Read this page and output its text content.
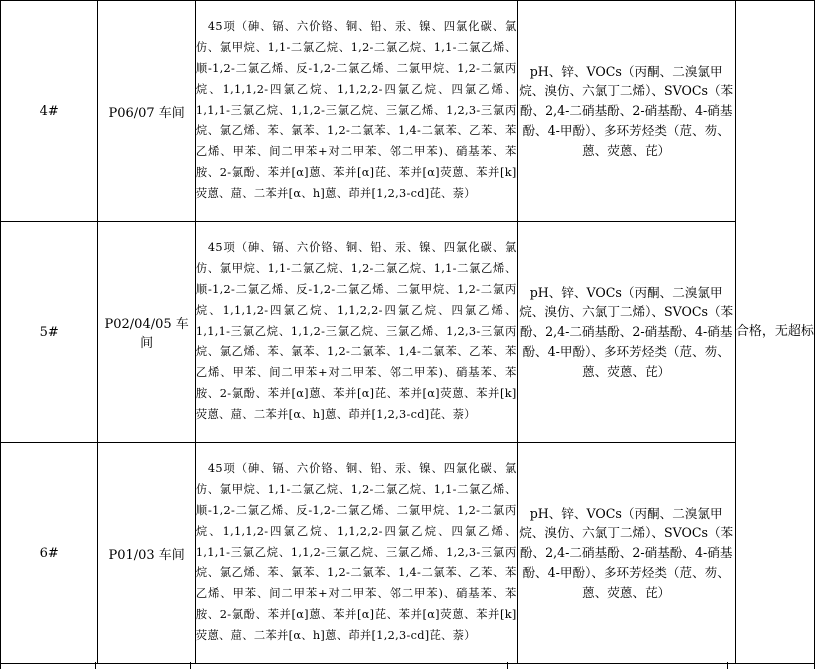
4#	P06/07 车间	45项（砷、镉、六价铬、铜、铅、汞、镍、四氯化碳、氯仿、氯甲烷、1,1-二氯乙烷、1,2-二氯乙烷、1,1-二氯乙烯、顺-1,2-二氯乙烯、反-1,2-二氯乙烯、二氯甲烷、1,2-二氯丙烷、1,1,1,2-四氯乙烷、1,1,2,2-四氯乙烷、四氯乙烯、1,1,1-三氯乙烷、1,1,2-三氯乙烷、三氯乙烯、1,2,3-三氯丙烷、氯乙烯、苯、氯苯、1,2-二氯苯、1,4-二氯苯、乙苯、苯乙烯、甲苯、间二甲苯+对二甲苯、邻二甲苯)、硝基苯、苯胺、2-氯酚、苯并[α]蒽、苯并[α]芘、苯并[α]荧蒽、苯并[k]荧蒽、䓛、二苯并[α、h]蒽、茚并[1,2,3-cd]芘、萘）	pH、锌、VOCs（丙酮、二溴氯甲烷、溴仿、六氯丁二烯）、SVOCs（苯酚、2,4-二硝基酚、2-硝基酚、4-硝基酚、4-甲酚）、多环芳烃类（苊、芴、蒽、荧蒽、芘）	合格，无超标
5#	P02/04/05 车间	45项（砷、镉、六价铬、铜、铅、汞、镍、四氯化碳、氯仿、氯甲烷、1,1-二氯乙烷、1,2-二氯乙烷、1,1-二氯乙烯、顺-1,2-二氯乙烯、反-1,2-二氯乙烯、二氯甲烷、1,2-二氯丙烷、1,1,1,2-四氯乙烷、1,1,2,2-四氯乙烷、四氯乙烯、1,1,1-三氯乙烷、1,1,2-三氯乙烷、三氯乙烯、1,2,3-三氯丙烷、氯乙烯、苯、氯苯、1,2-二氯苯、1,4-二氯苯、乙苯、苯乙烯、甲苯、间二甲苯+对二甲苯、邻二甲苯)、硝基苯、苯胺、2-氯酚、苯并[α]蒽、苯并[α]芘、苯并[α]荧蒽、苯并[k]荧蒽、䓛、二苯并[α、h]蒽、茚并[1,2,3-cd]芘、萘）	pH、锌、VOCs（丙酮、二溴氯甲烷、溴仿、六氯丁二烯）、SVOCs（苯酚、2,4-二硝基酚、2-硝基酚、4-硝基酚、4-甲酚）、多环芳烃类（苊、芴、蒽、荧蒽、芘）	
6#	P01/03 车间	45项（砷、镉、六价铬、铜、铅、汞、镍、四氯化碳、氯仿、氯甲烷、1,1-二氯乙烷、1,2-二氯乙烷、1,1-二氯乙烯、顺-1,2-二氯乙烯、反-1,2-二氯乙烯、二氯甲烷、1,2-二氯丙烷、1,1,1,2-四氯乙烷、1,1,2,2-四氯乙烷、四氯乙烯、1,1,1-三氯乙烷、1,1,2-三氯乙烷、三氯乙烯、1,2,3-三氯丙烷、氯乙烯、苯、氯苯、1,2-二氯苯、1,4-二氯苯、乙苯、苯乙烯、甲苯、间二甲苯+对二甲苯、邻二甲苯)、硝基苯、苯胺、2-氯酚、苯并[α]蒽、苯并[α]芘、苯并[α]荧蒽、苯并[k]荧蒽、䓛、二苯并[α、h]蒽、茚并[1,2,3-cd]芘、萘）	pH、锌、VOCs（丙酮、二溴氯甲烷、溴仿、六氯丁二烯）、SVOCs（苯酚、2,4-二硝基酚、2-硝基酚、4-硝基酚、4-甲酚）、多环芳烃类（苊、芴、蒽、荧蒽、芘）	
